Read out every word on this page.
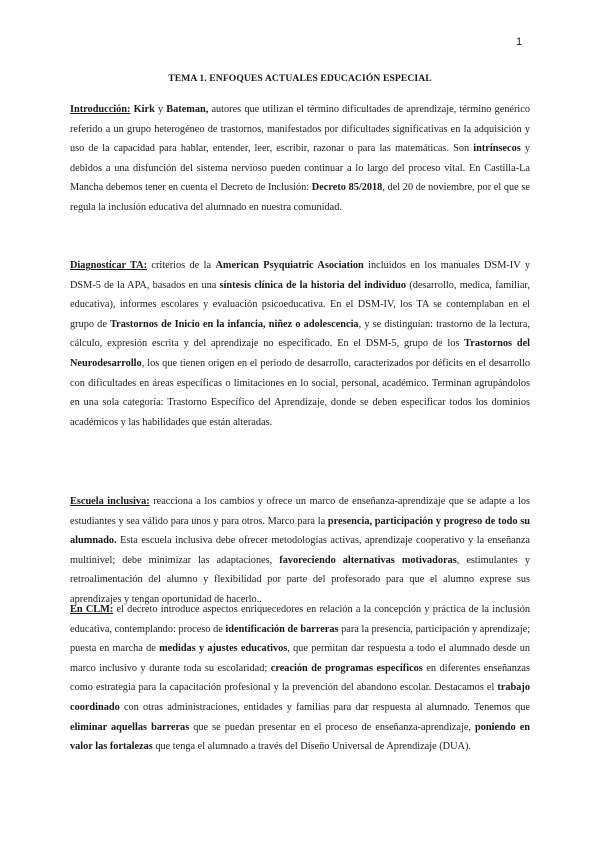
1
TEMA 1. ENFOQUES ACTUALES EDUCACIÓN ESPECIAL

Introducción: Kirk y Bateman, autores que utilizan el término dificultades de aprendizaje, término genérico referido a un grupo heterogéneo de trastornos, manifestados por dificultades significativas en la adquisición y uso de la capacidad para hablar, entender, leer, escribir, razonar o para las matemáticas. Son intrínsecos y debidos a una disfunción del sistema nervioso pueden continuar a lo largo del proceso vital. En Castilla-La Mancha debemos tener en cuenta el Decreto de Inclusión: Decreto 85/2018, del 20 de noviembre, por el que se regula la inclusión educativa del alumnado en nuestra comunidad.

Diagnosticar TA: criterios de la American Psyquiatric Asociation incluidos en los manuales DSM-IV y DSM-5 de la APA, basados en una síntesis clínica de la historia del individuo (desarrollo, medica, familiar, educativa), informes escolares y evaluación psicoeducativa. En el DSM-IV, los TA se contemplaban en el grupo de Trastornos de Inicio en la infancia, niñez o adolescencia, y se distinguían: trastorno de la lectura, cálculo, expresión escrita y del aprendizaje no especificado. En el DSM-5, grupo de los Trastornos del Neurodesarrollo, los que tienen origen en el periodo de desarrollo, caracterizados por déficits en el desarrollo con dificultades en áreas específicas o limitaciones en lo social, personal, académico. Terminan agrupándolos en una sola categoría: Trastorno Específico del Aprendizaje, donde se deben especificar todos los dominios académicos y las habilidades que están alteradas.

Escuela inclusiva: reacciona a los cambios y ofrece un marco de enseñanza-aprendizaje que se adapte a los estudiantes y sea válido para unos y para otros. Marco para la presencia, participación y progreso de todo su alumnado. Esta escuela inclusiva debe ofrecer metodologías activas, aprendizaje cooperativo y la enseñanza multinivel; debe minimizar las adaptaciones, favoreciendo alternativas motivadoras, estimulantes y retroalimentación del alumno y flexibilidad por parte del profesorado para que el alumno exprese sus aprendizajes y tengan oportunidad de hacerlo..

En CLM: el decreto introduce aspectos enriquecedores en relación a la concepción y práctica de la inclusión educativa, contemplando: proceso de identificación de barreras para la presencia, participación y aprendizaje; puesta en marcha de medidas y ajustes educativos, que permitan dar respuesta a todo el alumnado desde un marco inclusivo y durante toda su escolaridad; creación de programas específicos en diferentes enseñanzas como estrategia para la capacitación profesional y la prevención del abandono escolar. Destacamos el trabajo coordinado con otras administraciones, entidades y familias para dar respuesta al alumnado. Tenemos que eliminar aquellas barreras que se puedan presentar en el proceso de enseñanza-aprendizaje, poniendo en valor las fortalezas que tenga el alumnado a través del Diseño Universal de Aprendizaje (DUA).
